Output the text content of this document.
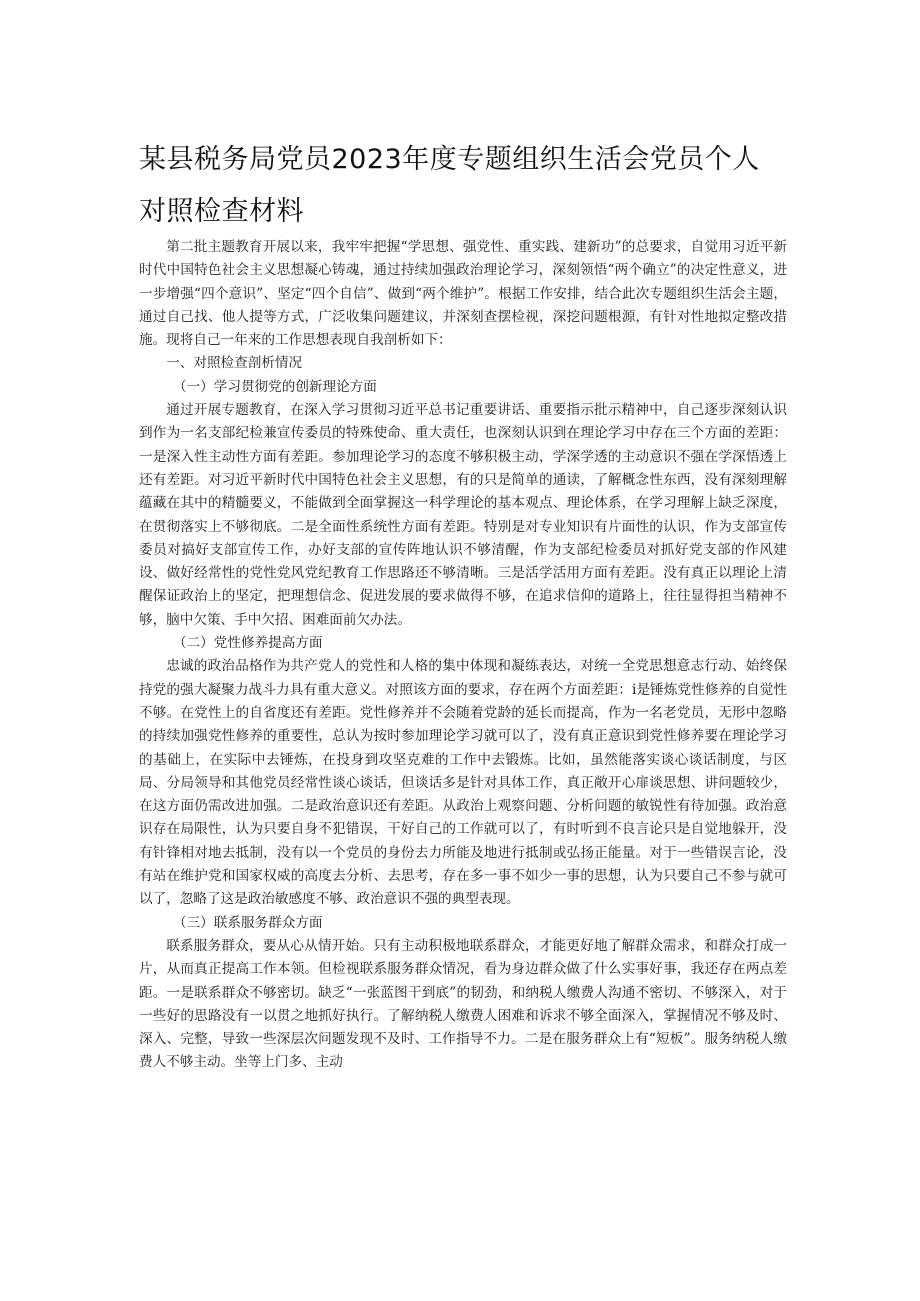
某县税务局党员2023年度专题组织生活会党员个人
对照检查材料

第二批主题教育开展以来，我牢牢把握“学思想、强党性、重实践、建新功”的总要求，自觉用习近平新时代中国特色社会主义思想凝心铸魂，通过持续加强政治理论学习，深刻领悟“两个确立”的决定性意义，进一步增强“四个意识”、坚定“四个自信”、做到“两个维护”。根据工作安排，结合此次专题组织生活会主题，通过自己找、他人提等方式，广泛收集问题建议，并深刻查摆检视，深挖问题根源，有针对性地拟定整改措施。现将自己一年来的工作思想表现自我剖析如下：

一、对照检查剖析情况

（一）学习贯彻党的创新理论方面

通过开展专题教育，在深入学习贯彻习近平总书记重要讲话、重要指示批示精神中，自己逐步深刻认识到作为一名支部纪检兼宣传委员的特殊使命、重大责任，也深刻认识到在理论学习中存在三个方面的差距：一是深入性主动性方面有差距。参加理论学习的态度不够积极主动，学深学透的主动意识不强在学深悟透上还有差距。对习近平新时代中国特色社会主义思想，有的只是简单的通读，了解概念性东西，没有深刻理解蕴藏在其中的精髓要义，不能做到全面掌握这一科学理论的基本观点、理论体系，在学习理解上缺乏深度，在贯彻落实上不够彻底。二是全面性系统性方面有差距。特别是对专业知识有片面性的认识，作为支部宣传委员对搞好支部宣传工作，办好支部的宣传阵地认识不够清醒，作为支部纪检委员对抓好党支部的作风建设、做好经常性的党性党风党纪教育工作思路还不够清晰。三是活学活用方面有差距。没有真正以理论上清醒保证政治上的坚定，把理想信念、促进发展的要求做得不够，在追求信仰的道路上，往往显得担当精神不够，脑中欠策、手中欠招、困难面前欠办法。

（二）党性修养提高方面

忠诚的政治品格作为共产党人的党性和人格的集中体现和凝练表达，对统一全党思想意志行动、始终保持党的强大凝聚力战斗力具有重大意义。对照该方面的要求，存在两个方面差距：i是锤炼党性修养的自觉性不够。在党性上的自省度还有差距。党性修养并不会随着党龄的延长而提高，作为一名老党员，无形中忽略的持续加强党性修养的重要性，总认为按时参加理论学习就可以了，没有真正意识到党性修养要在理论学习的基础上，在实际中去锤炼，在投身到攻坚克难的工作中去锻炼。比如，虽然能落实谈心谈话制度，与区局、分局领导和其他党员经常性谈心谈话，但谈话多是针对具体工作，真正敞开心扉谈思想、讲问题较少，在这方面仍需改进加强。二是政治意识还有差距。从政治上观察问题、分析问题的敏锐性有待加强。政治意识存在局限性，认为只要自身不犯错误，干好自己的工作就可以了，有时听到不良言论只是自觉地躲开，没有针锋相对地去抵制，没有以一个党员的身份去力所能及地进行抵制或弘扬正能量。对于一些错误言论，没有站在维护党和国家权威的高度去分析、去思考，存在多一事不如少一事的思想，认为只要自己不参与就可以了，忽略了这是政治敏感度不够、政治意识不强的典型表现。

（三）联系服务群众方面

联系服务群众，要从心从情开始。只有主动积极地联系群众，才能更好地了解群众需求，和群众打成一片，从而真正提高工作本领。但检视联系服务群众情况，看为身边群众做了什么实事好事，我还存在两点差距。一是联系群众不够密切。缺乏“一张蓝图干到底”的韧劲，和纳税人缴费人沟通不密切、不够深入，对于一些好的思路没有一以贯之地抓好执行。了解纳税人缴费人困难和诉求不够全面深入，掌握情况不够及时、深入、完整，导致一些深层次问题发现不及时、工作指导不力。二是在服务群众上有“短板”。服务纳税人缴费人不够主动。坐等上门多、主动
